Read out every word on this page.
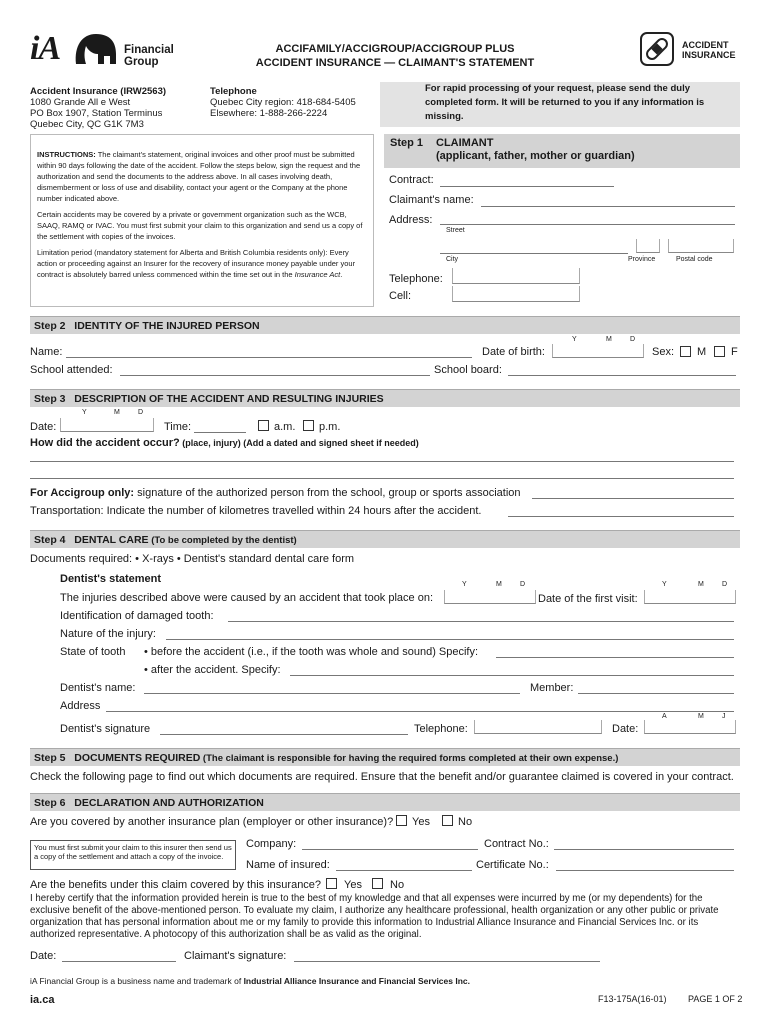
iA	Financial
Group
ACCIFAMILY/ACCIGROUP/ACCIGROUP PLUS
ACCIDENT INSURANCE — CLAIMANT'S STATEMENT
ACCIDENT
INSURANCE
Accident Insurance (IRW2563)
1080 Grande All e West
PO Box 1907, Station Terminus
Quebec City, QC G1K 7M3
Telephone
Quebec City region: 418-684-5405
Elsewhere: 1-888-266-2224
For rapid processing of your request, please send the duly completed form. It will be returned to you if any information is missing.

INSTRUCTIONS: The claimant's statement, original invoices and other proof must be submitted within 90 days following the date of the accident. Follow the steps below, sign the request and the authorization and send the documents to the address above. In all cases involving death, dismemberment or loss of use and disability, contact your agent or the Company at the phone number indicated above.

Certain accidents may be covered by a private or government organization such as the WCB, SAAQ, RAMQ or IVAC. You must first submit your claim to this organization and send us a copy of the settlement with copies of the invoices.

Limitation period (mandatory statement for Alberta and British Columbia residents only): Every action or proceeding against an Insurer for the recovery of insurance money payable under your contract is absolutely barred unless commenced within the time set out in the Insurance Act.

Step 1 CLAIMANT
(applicant, father, mother or guardian)
Contract:
Claimant's name:
Address:
Street
City	Province	Postal code
Telephone:
Cell:
Step 2 IDENTITY OF THE INJURED PERSON
Y	M	D
Name:	Date of birth:	Sex: M F
School attended:	School board:
Step 3 DESCRIPTION OF THE ACCIDENT AND RESULTING INJURIES
Y	M	D
Date:	Time:	a.m. p.m.
How did the accident occur? (place, injury) (Add a dated and signed sheet if needed)
For Accigroup only: signature of the authorized person from the school, group or sports association
Transportation: Indicate the number of kilometres travelled within 24 hours after the accident.
Step 4 DENTAL CARE (To be completed by the dentist)
Documents required: • X-rays • Dentist's standard dental care form
Dentist's statement	Y	M	D	Y	M	D
The injuries described above were caused by an accident that took place on:	Date of the first visit:
Identification of damaged tooth:
Nature of the injury:
State of tooth • before the accident (i.e., if the tooth was whole and sound) Specify:
• after the accident. Specify:
Dentist's name:	Member:
Address
A	M	J
Dentist's signature	Telephone:	Date:
Step 5 DOCUMENTS REQUIRED (The claimant is responsible for having the required forms completed at their own expense.)
Check the following page to find out which documents are required. Ensure that the benefit and/or guarantee claimed is covered in your contract.
Step 6 DECLARATION AND AUTHORIZATION
Are you covered by another insurance plan (employer or other insurance)? Yes	No
You must first submit your claim to this insurer then send us a copy of the settlement and attach a copy of the invoice.
Company:	Contract No.:
Name of insured:	Certificate No.:
Are the benefits under this claim covered by this insurance? Yes	No
I hereby certify that the information provided herein is true to the best of my knowledge and that all expenses were incurred by me (or my dependents) for the exclusive benefit of the above-mentioned person. To evaluate my claim, I authorize any healthcare professional, health organization or any other public or private organization that has personal information about me or my family to provide this information to Industrial Alliance Insurance and Financial Services Inc. or its authorized representative. A photocopy of this authorization shall be as valid as the original.
Date:	Claimant's signature:
iA Financial Group is a business name and trademark of Industrial Alliance Insurance and Financial Services Inc.
ia.ca	F13-175A(16-01) PAGE 1 OF 2
